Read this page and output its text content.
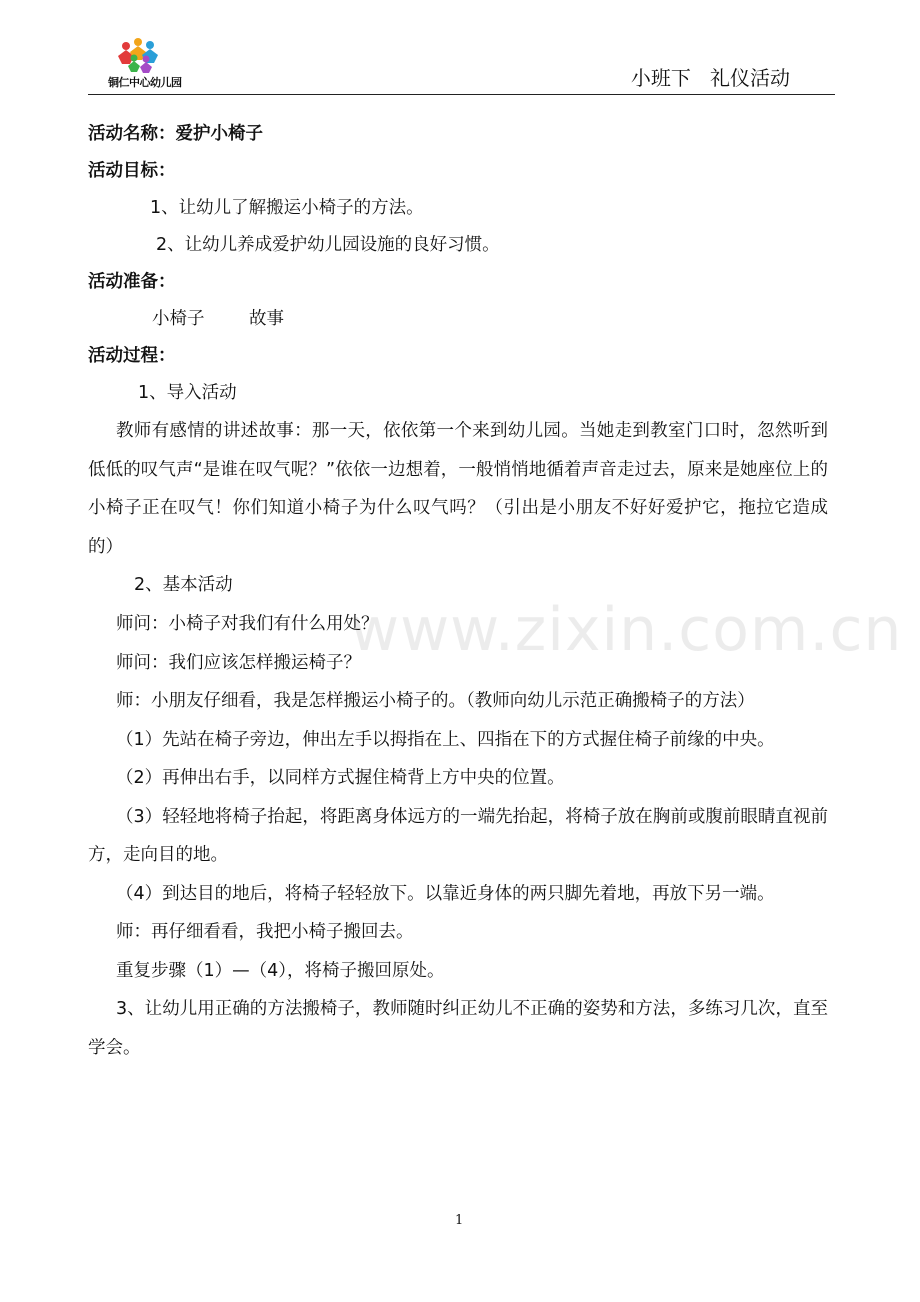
铜仁中心幼儿园	小班下   礼仪活动
www.zixin.com.cn
活动名称：爱护小椅子
活动目标：
1、让幼儿了解搬运小椅子的方法。
2、让幼儿养成爱护幼儿园设施的良好习惯。
活动准备：
小椅子        故事
活动过程：
1、导入活动
教师有感情的讲述故事：那一天，依依第一个来到幼儿园。当她走到教室门口时，忽然听到低低的叹气声“是谁在叹气呢？”依依一边想着，一般悄悄地循着声音走过去，原来是她座位上的小椅子正在叹气！你们知道小椅子为什么叹气吗？（引出是小朋友不好好爱护它，拖拉它造成的）
2、基本活动
师问：小椅子对我们有什么用处？
师问：我们应该怎样搬运椅子？
师：小朋友仔细看，我是怎样搬运小椅子的。（教师向幼儿示范正确搬椅子的方法）
（1）先站在椅子旁边，伸出左手以拇指在上、四指在下的方式握住椅子前缘的中央。
（2）再伸出右手，以同样方式握住椅背上方中央的位置。
（3）轻轻地将椅子抬起，将距离身体远方的一端先抬起，将椅子放在胸前或腹前眼睛直视前方，走向目的地。
（4）到达目的地后，将椅子轻轻放下。以靠近身体的两只脚先着地，再放下另一端。
师：再仔细看看，我把小椅子搬回去。
重复步骤（1）—（4），将椅子搬回原处。
3、让幼儿用正确的方法搬椅子，教师随时纠正幼儿不正确的姿势和方法，多练习几次，直至学会。
1
